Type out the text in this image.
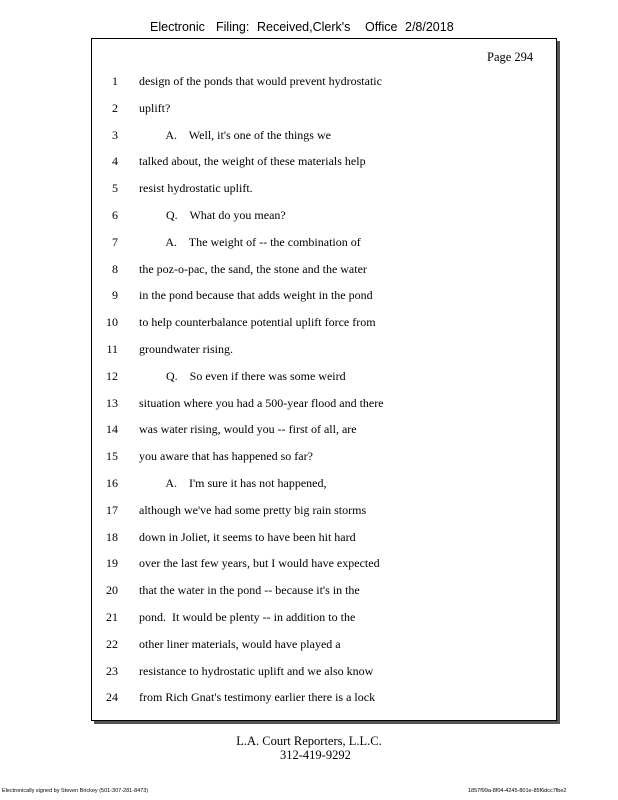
Electronic Filing: Received,Clerk's Office 2/8/2018
Page 294
1 design of the ponds that would prevent hydrostatic
2 uplift?
3 A.    Well, it's one of the things we
4 talked about, the weight of these materials help
5 resist hydrostatic uplift.
6 Q.    What do you mean?
7 A.    The weight of -- the combination of
8 the poz-o-pac, the sand, the stone and the water
9 in the pond because that adds weight in the pond
10 to help counterbalance potential uplift force from
11 groundwater rising.
12 Q.    So even if there was some weird
13 situation where you had a 500-year flood and there
14 was water rising, would you -- first of all, are
15 you aware that has happened so far?
16 A.    I'm sure it has not happened,
17 although we've had some pretty big rain storms
18 down in Joliet, it seems to have been hit hard
19 over the last few years, but I would have expected
20 that the water in the pond -- because it's in the
21 pond.  It would be plenty -- in addition to the
22 other liner materials, would have played a
23 resistance to hydrostatic uplift and we also know
24 from Rich Gnat's testimony earlier there is a lock
L.A. Court Reporters, L.L.C.
312-419-9292
Electronically signed by Steven Brickey (501-307-281-8473)	1857f99a-8f04-4245-801e-85f6dcc7fbe2
